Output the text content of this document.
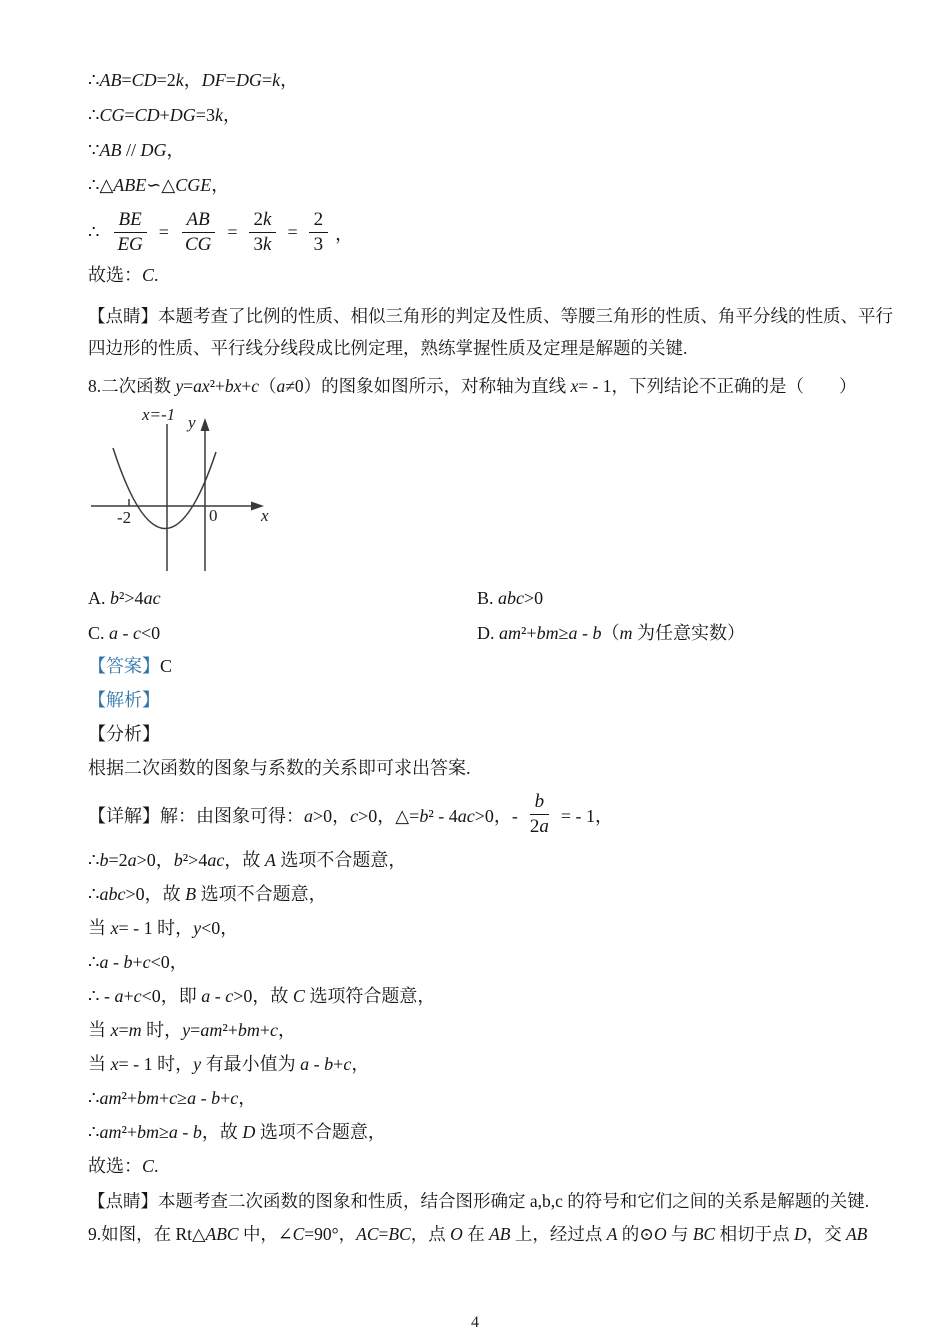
∴AB=CD=2k，DF=DG=k，

∴CG=CD+DG=3k，

∵AB // DG，

∴△ABE∽△CGE，

∴ $\frac{BE}{EG} = \frac{AB}{CG} = \frac{2k}{3k} = \frac{2}{3}$ ，

故选：C.

【点睛】本题考查了比例的性质、相似三角形的判定及性质、等腰三角形的性质、角平分线的性质、平行

四边形的性质、平行线分线段成比例定理，熟练掌握性质及定理是解题的关键.

8.二次函数 y=ax²+bx+c（a≠0）的图象如图所示，对称轴为直线 x= - 1，下列结论不正确的是（　　）

x=-1 y
x
-2	0
A. b²>4ac	B. abc>0
C. a - c<0	D. am²+bm≥a - b（m 为任意实数）

【答案】C

【解析】

【分析】

根据二次函数的图象与系数的关系即可求出答案.

【详解】解：由图象可得：a>0，c>0，△=b² - 4ac>0，- $\frac{b}{2a}$ = - 1，

∴b=2a>0，b²>4ac，故 A 选项不合题意，

∴abc>0，故 B 选项不合题意，

当 x= - 1 时，y<0，

∴a - b+c<0，

∴ - a+c<0，即 a - c>0，故 C 选项符合题意，

当 x=m 时，y=am²+bm+c，

当 x= - 1 时，y 有最小值为 a - b+c，

∴am²+bm+c≥a - b+c，

∴am²+bm≥a - b，故 D 选项不合题意，

故选：C.

【点睛】本题考查二次函数的图象和性质，结合图形确定 a,b,c 的符号和它们之间的关系是解题的关键.

9.如图，在 Rt△ABC 中，∠C=90°，AC=BC，点 O 在 AB 上，经过点 A 的⊙O 与 BC 相切于点 D，交 AB

4
